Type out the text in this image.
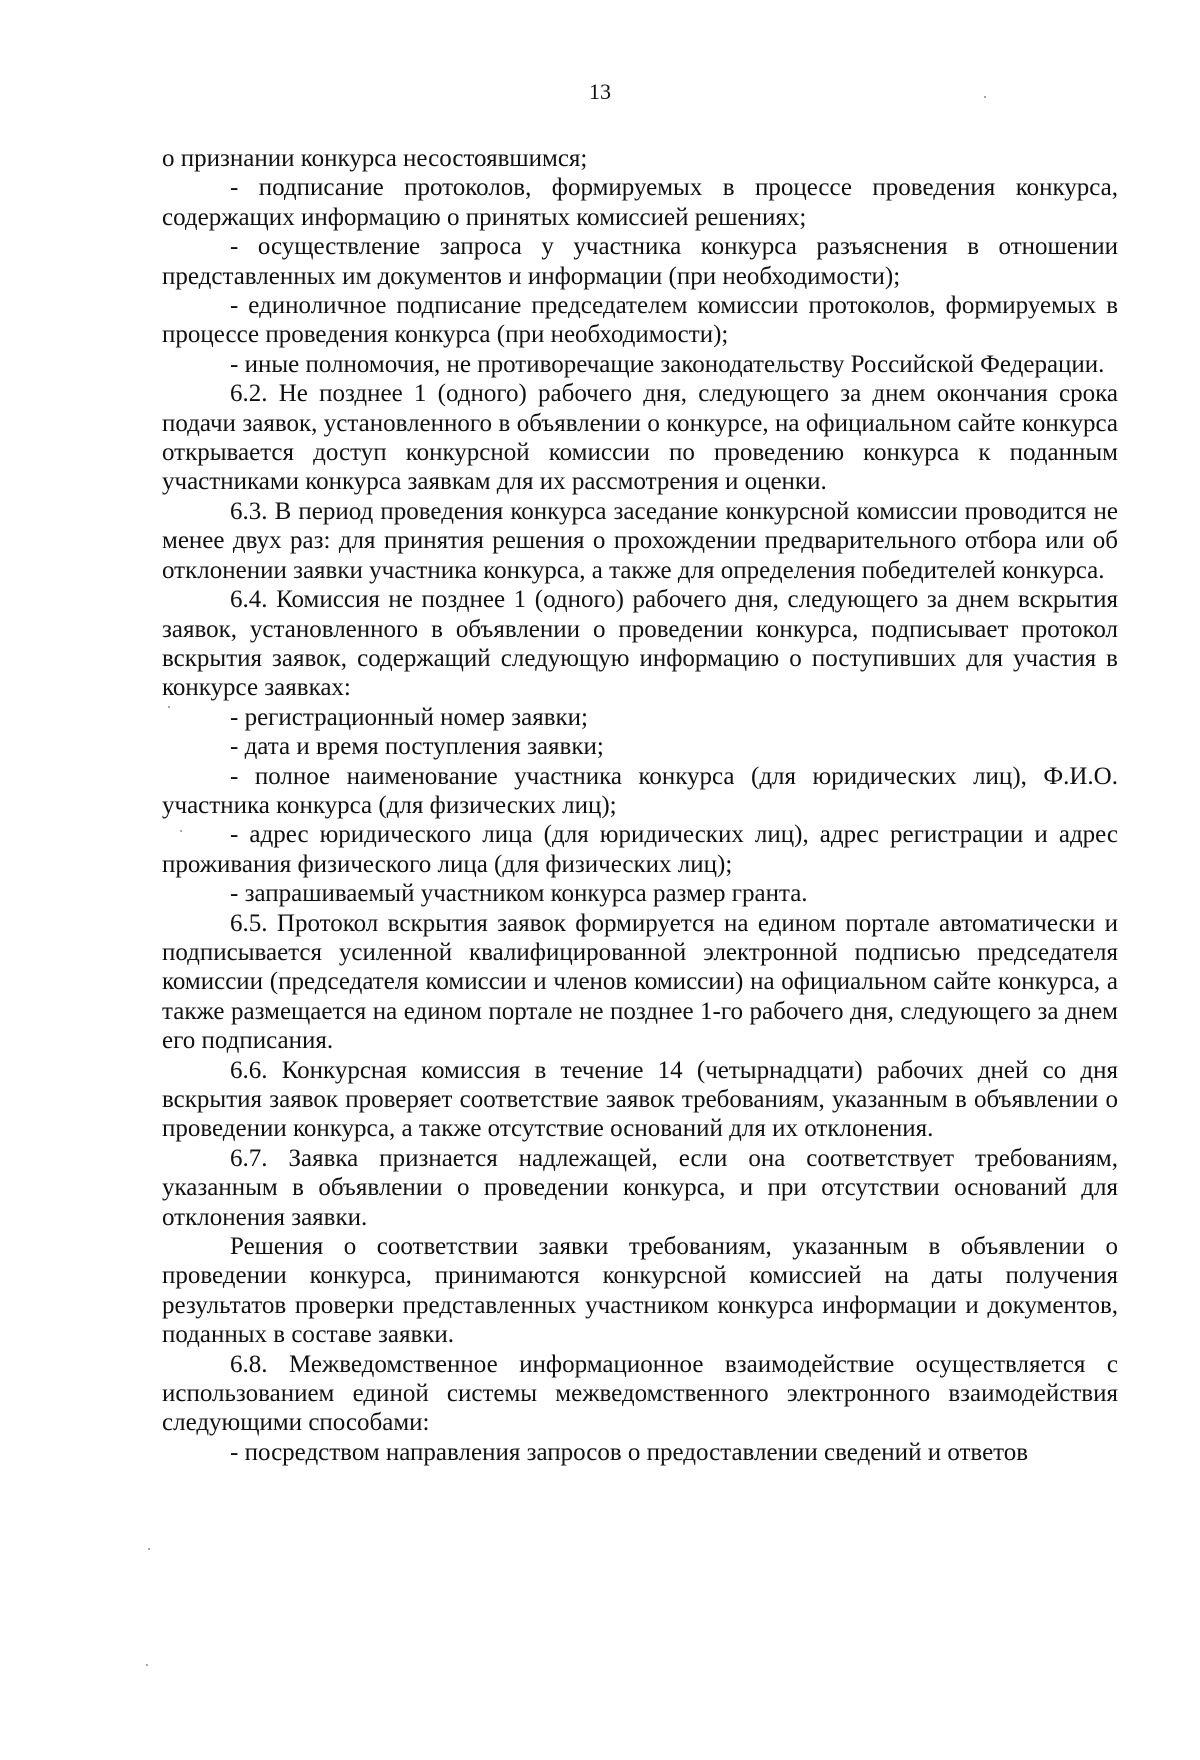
13

о признании конкурса несостоявшимся;

- подписание протоколов, формируемых в процессе проведения конкурса, содержащих информацию о принятых комиссией решениях;

- осуществление запроса у участника конкурса разъяснения в отношении представленных им документов и информации (при необходимости);

- единоличное подписание председателем комиссии протоколов, формируемых в процессе проведения конкурса (при необходимости);

- иные полномочия, не противоречащие законодательству Российской Федерации.

6.2. Не позднее 1 (одного) рабочего дня, следующего за днем окончания срока подачи заявок, установленного в объявлении о конкурсе, на официальном сайте конкурса открывается доступ конкурсной комиссии по проведению конкурса к поданным участниками конкурса заявкам для их рассмотрения и оценки.

6.3. В период проведения конкурса заседание конкурсной комиссии проводится не менее двух раз: для принятия решения о прохождении предварительного отбора или об отклонении заявки участника конкурса, а также для определения победителей конкурса.

6.4. Комиссия не позднее 1 (одного) рабочего дня, следующего за днем вскрытия заявок, установленного в объявлении о проведении конкурса, подписывает протокол вскрытия заявок, содержащий следующую информацию о поступивших для участия в конкурсе заявках:

- регистрационный номер заявки;

- дата и время поступления заявки;

- полное наименование участника конкурса (для юридических лиц), Ф.И.О. участника конкурса (для физических лиц);

- адрес юридического лица (для юридических лиц), адрес регистрации и адрес проживания физического лица (для физических лиц);

- запрашиваемый участником конкурса размер гранта.

6.5. Протокол вскрытия заявок формируется на едином портале автоматически и подписывается усиленной квалифицированной электронной подписью председателя комиссии (председателя комиссии и членов комиссии) на официальном сайте конкурса, а также размещается на едином портале не позднее 1-го рабочего дня, следующего за днем его подписания.

6.6. Конкурсная комиссия в течение 14 (четырнадцати) рабочих дней со дня вскрытия заявок проверяет соответствие заявок требованиям, указанным в объявлении о проведении конкурса, а также отсутствие оснований для их отклонения.

6.7. Заявка признается надлежащей, если она соответствует требованиям, указанным в объявлении о проведении конкурса, и при отсутствии оснований для отклонения заявки.

Решения о соответствии заявки требованиям, указанным в объявлении о проведении конкурса, принимаются конкурсной комиссией на даты получения результатов проверки представленных участником конкурса информации и документов, поданных в составе заявки.

6.8. Межведомственное информационное взаимодействие осуществляется с использованием единой системы межведомственного электронного взаимодействия следующими способами:

- посредством направления запросов о предоставлении сведений и ответов
